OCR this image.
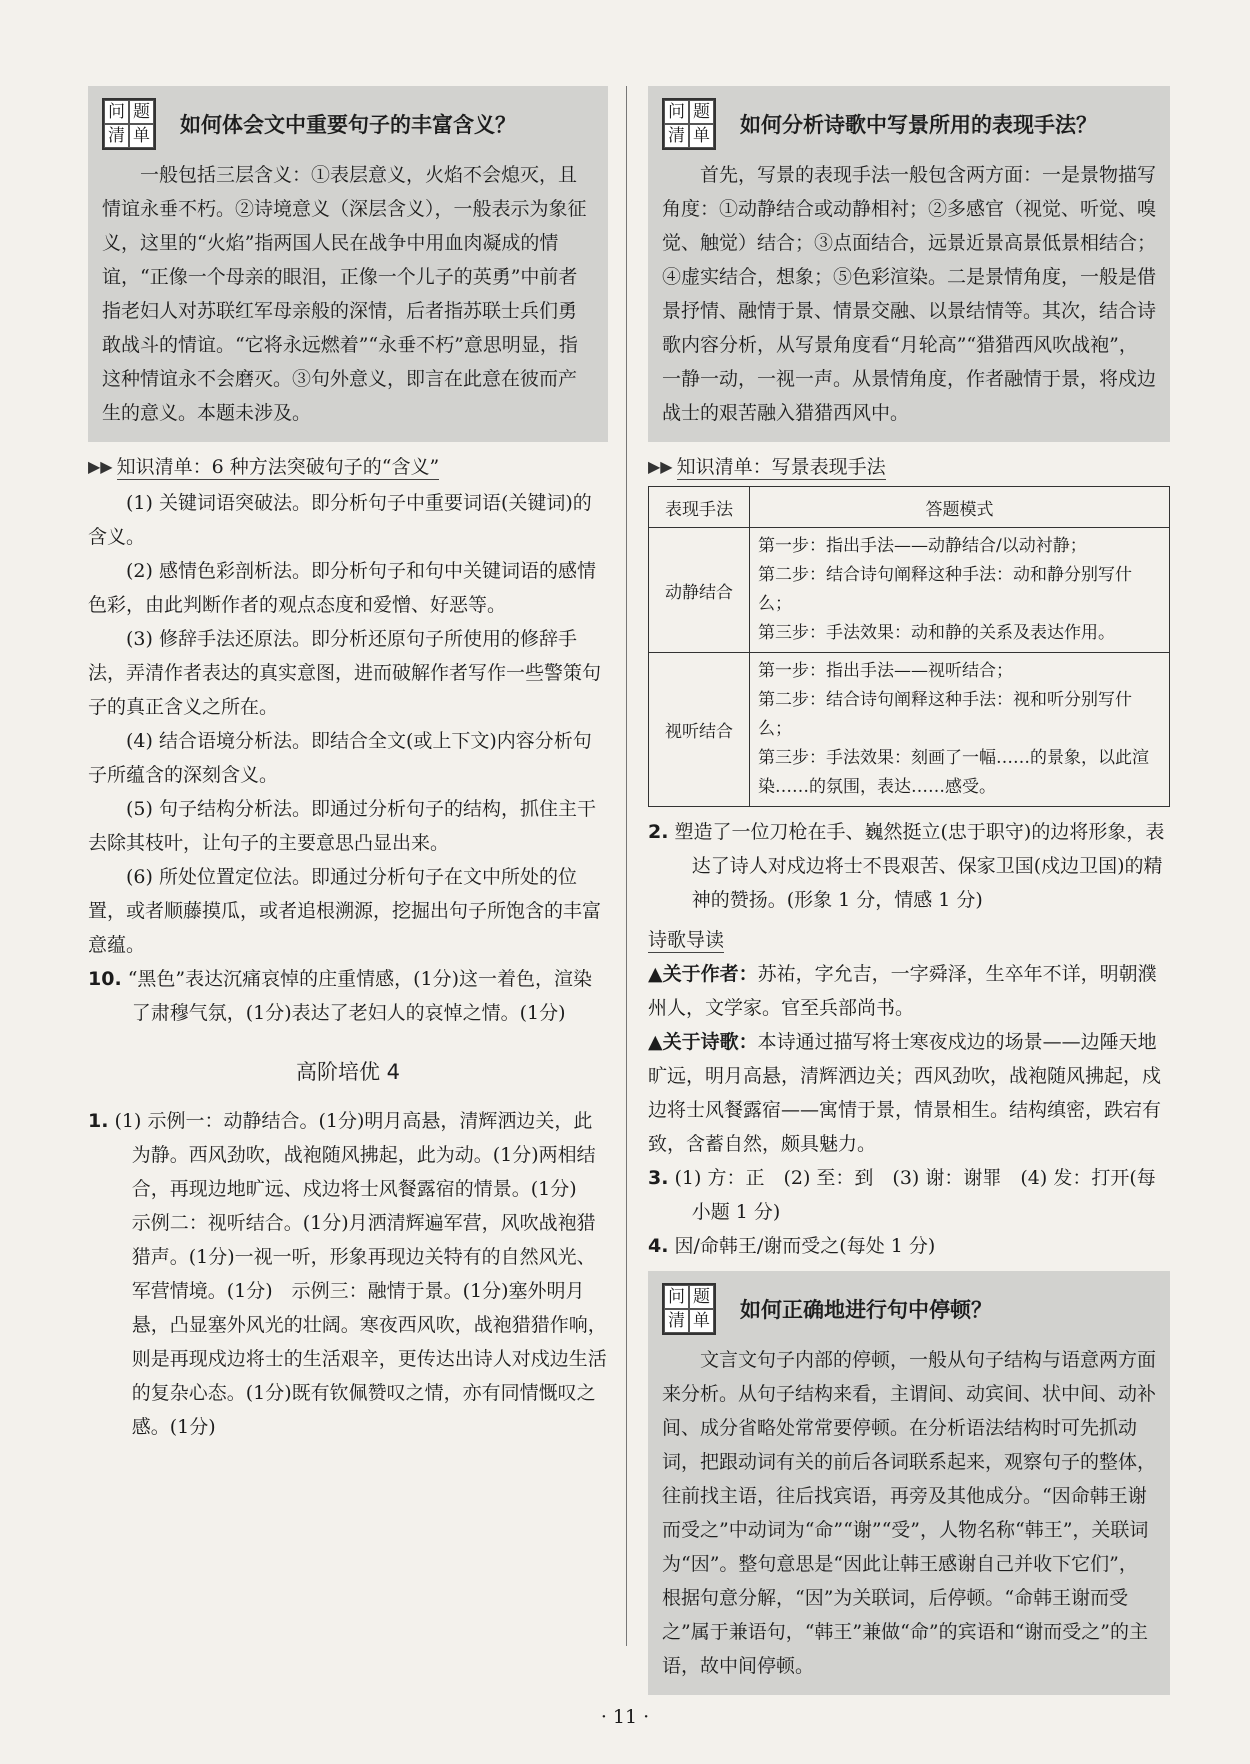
问 题
清 单 如何体会文中重要句子的丰富含义？

一般包括三层含义：①表层意义，火焰不会熄灭，且情谊永垂不朽。②诗境意义（深层含义），一般表示为象征义，这里的“火焰”指两国人民在战争中用血肉凝成的情谊，“正像一个母亲的眼泪，正像一个儿子的英勇”中前者指老妇人对苏联红军母亲般的深情，后者指苏联士兵们勇敢战斗的情谊。“它将永远燃着”“永垂不朽”意思明显，指这种情谊永不会磨灭。③句外意义，即言在此意在彼而产生的意义。本题未涉及。

▶▶ 知识清单：6 种方法突破句子的“含义”

(1) 关键词语突破法。即分析句子中重要词语(关键词)的含义。

(2) 感情色彩剖析法。即分析句子和句中关键词语的感情色彩，由此判断作者的观点态度和爱憎、好恶等。

(3) 修辞手法还原法。即分析还原句子所使用的修辞手法，弄清作者表达的真实意图，进而破解作者写作一些警策句子的真正含义之所在。

(4) 结合语境分析法。即结合全文(或上下文)内容分析句子所蕴含的深刻含义。

(5) 句子结构分析法。即通过分析句子的结构，抓住主干去除其枝叶，让句子的主要意思凸显出来。

(6) 所处位置定位法。即通过分析句子在文中所处的位置，或者顺藤摸瓜，或者追根溯源，挖掘出句子所饱含的丰富意蕴。

10. “黑色”表达沉痛哀悼的庄重情感，(1分)这一着色，渲染了肃穆气氛，(1分)表达了老妇人的哀悼之情。(1分)

高阶培优 4

1. (1) 示例一：动静结合。(1分)明月高悬，清辉洒边关，此为静。西风劲吹，战袍随风拂起，此为动。(1分)两相结合，再现边地旷远、戍边将士风餐露宿的情景。(1分)　示例二：视听结合。(1分)月洒清辉遍军营，风吹战袍猎猎声。(1分)一视一听，形象再现边关特有的自然风光、军营情境。(1分)　示例三：融情于景。(1分)塞外明月悬，凸显塞外风光的壮阔。寒夜西风吹，战袍猎猎作响，则是再现戍边将士的生活艰辛，更传达出诗人对戍边生活的复杂心态。(1分)既有钦佩赞叹之情，亦有同情慨叹之感。(1分)

问 题
清 单 如何分析诗歌中写景所用的表现手法？

首先，写景的表现手法一般包含两方面：一是景物描写角度：①动静结合或动静相衬；②多感官（视觉、听觉、嗅觉、触觉）结合；③点面结合，远景近景高景低景相结合；④虚实结合，想象；⑤色彩渲染。二是景情角度，一般是借景抒情、融情于景、情景交融、以景结情等。其次，结合诗歌内容分析，从写景角度看“月轮高”“猎猎西风吹战袍”，一静一动，一视一声。从景情角度，作者融情于景，将戍边战士的艰苦融入猎猎西风中。

▶▶ 知识清单：写景表现手法
表现手法	答题模式
动静结合	第一步：指出手法——动静结合/以动衬静；
第二步：结合诗句阐释这种手法：动和静分别写什么；
第三步：手法效果：动和静的关系及表达作用。

视听结合	第一步：指出手法——视听结合；
第二步：结合诗句阐释这种手法：视和听分别写什么；
第三步：手法效果：刻画了一幅……的景象，以此渲染……的氛围，表达……感受。

2. 塑造了一位刀枪在手、巍然挺立(忠于职守)的边将形象，表达了诗人对戍边将士不畏艰苦、保家卫国(戍边卫国)的精神的赞扬。(形象 1 分，情感 1 分)

诗歌导读

▲关于作者：苏祐，字允吉，一字舜泽，生卒年不详，明朝濮州人，文学家。官至兵部尚书。

▲关于诗歌：本诗通过描写将士寒夜戍边的场景——边陲天地旷远，明月高悬，清辉洒边关；西风劲吹，战袍随风拂起，戍边将士风餐露宿——寓情于景，情景相生。结构缜密，跌宕有致，含蓄自然，颇具魅力。

3. (1) 方：正　(2) 至：到　(3) 谢：谢罪　(4) 发：打开(每小题 1 分)

4. 因/命韩王/谢而受之(每处 1 分)

问 题
清 单 如何正确地进行句中停顿？

文言文句子内部的停顿，一般从句子结构与语意两方面来分析。从句子结构来看，主谓间、动宾间、状中间、动补间、成分省略处常常要停顿。在分析语法结构时可先抓动词，把跟动词有关的前后各词联系起来，观察句子的整体，往前找主语，往后找宾语，再旁及其他成分。“因命韩王谢而受之”中动词为“命”“谢”“受”，人物名称“韩王”，关联词为“因”。整句意思是“因此让韩王感谢自己并收下它们”，根据句意分解，“因”为关联词，后停顿。“命韩王谢而受之”属于兼语句，“韩王”兼做“命”的宾语和“谢而受之”的主语，故中间停顿。

· 11 ·
